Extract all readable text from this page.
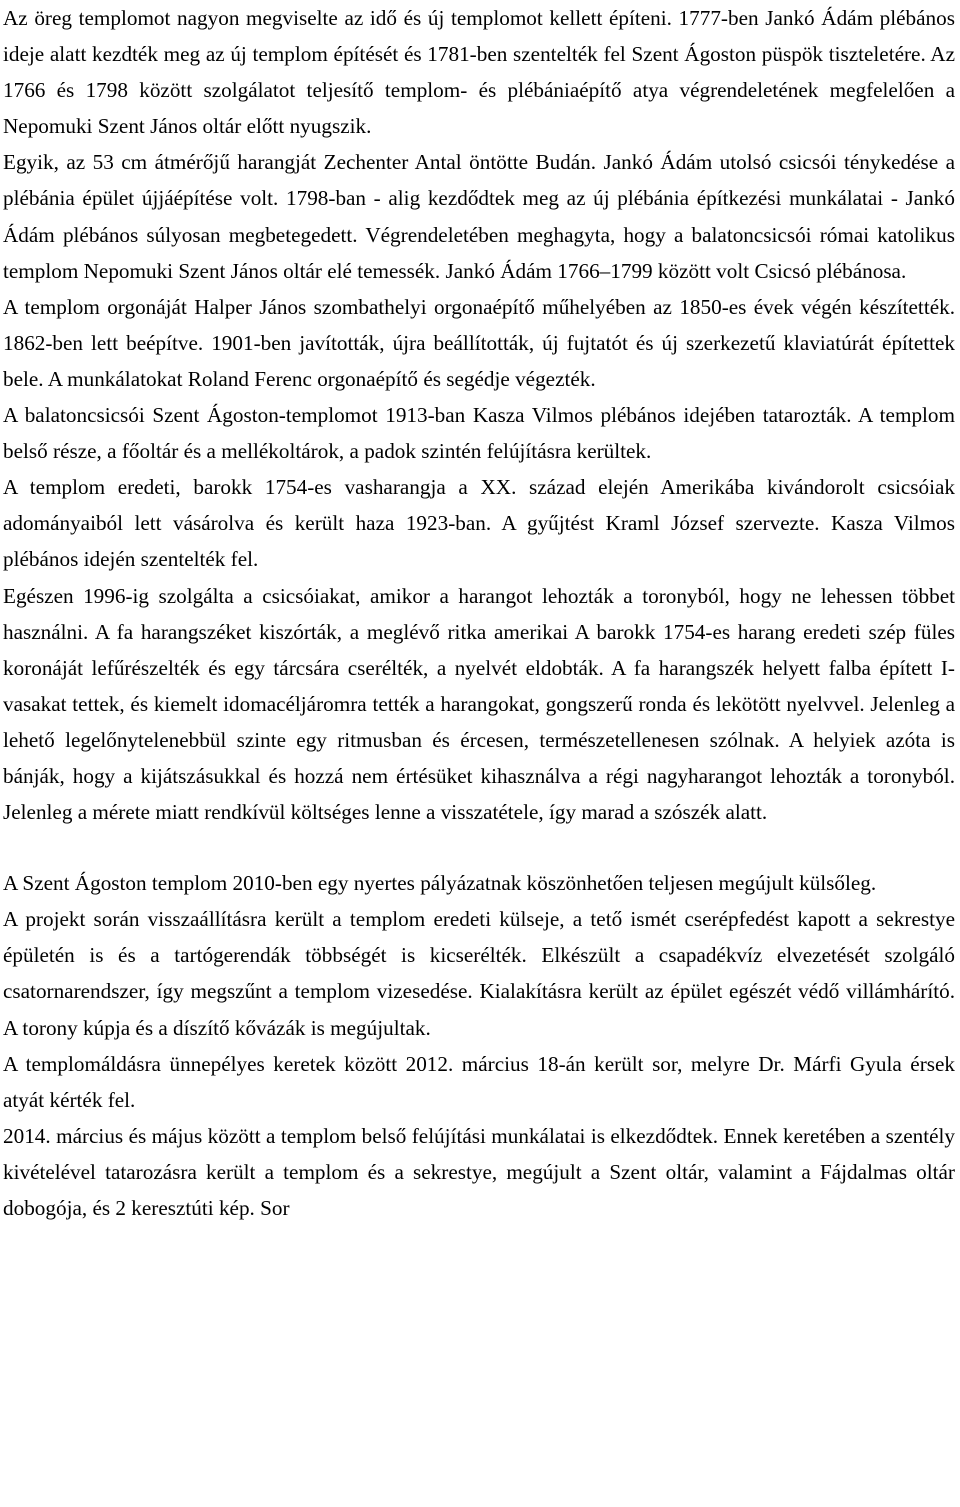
Az öreg templomot nagyon megviselte az idő és új templomot kellett építeni. 1777-ben Jankó Ádám plébános ideje alatt kezdték meg az új templom építését és 1781-ben szentelték fel Szent Ágoston püspök tiszteletére. Az 1766 és 1798 között szolgálatot teljesítő templom- és plébániaépítő atya végrendeletének megfelelően a Nepomuki Szent János oltár előtt nyugszik.

Egyik, az 53 cm átmérőjű harangját Zechenter Antal öntötte Budán. Jankó Ádám utolsó csicsói ténykedése a plébánia épület újjáépítése volt. 1798-ban - alig kezdődtek meg az új plébánia építkezési munkálatai - Jankó Ádám plébános súlyosan megbetegedett. Végrendeletében meghagyta, hogy a balatoncsicsói római katolikus templom Nepomuki Szent János oltár elé temessék. Jankó Ádám 1766–1799 között volt Csicsó plébánosa.

A templom orgonáját Halper János szombathelyi orgonaépítő műhelyében az 1850-es évek végén készítették. 1862-ben lett beépítve. 1901-ben javították, újra beállították, új fujtatót és új szerkezetű klaviatúrát építettek bele. A munkálatokat Roland Ferenc orgonaépítő és segédje végezték.

A balatoncsicsói Szent Ágoston-templomot 1913-ban Kasza Vilmos plébános idejében tatarozták. A templom belső része, a főoltár és a mellékoltárok, a padok szintén felújításra kerültek.

A templom eredeti, barokk 1754-es vasharangja a XX. század elején Amerikába kivándorolt csicsóiak adományaiból lett vásárolva és került haza 1923-ban. A gyűjtést Kraml József szervezte. Kasza Vilmos plébános idején szentelték fel.

Egészen 1996-ig szolgálta a csicsóiakat, amikor a harangot lehozták a toronyból, hogy ne lehessen többet használni. A fa harangszéket kiszórták, a meglévő ritka amerikai A barokk 1754-es harang eredeti szép füles koronáját lefűrészelték és egy tárcsára cserélték, a nyelvét eldobták. A fa harangszék helyett falba épített I-vasakat tettek, és kiemelt idomacéljáromra tették a harangokat, gongszerű ronda és lekötött nyelvvel. Jelenleg a lehető legelőnytelenebbül szinte egy ritmusban és ércesen, természetellenesen szólnak. A helyiek azóta is bánják, hogy a kijátszásukkal és hozzá nem értésüket kihasználva a régi nagyharangot lehozták a toronyból. Jelenleg a mérete miatt rendkívül költséges lenne a visszatétele, így marad a szószék alatt.

A Szent Ágoston templom 2010-ben egy nyertes pályázatnak köszönhetően teljesen megújult külsőleg.

A projekt során visszaállításra került a templom eredeti külseje, a tető ismét cserépfedést kapott a sekrestye épületén is és a tartógerendák többségét is kicserélték. Elkészült a csapadékvíz elvezetését szolgáló csatornarendszer, így megszűnt a templom vizesedése. Kialakításra került az épület egészét védő villámhárító. A torony kúpja és a díszítő kővázák is megújultak.

A templomáldásra ünnepélyes keretek között 2012. március 18-án került sor, melyre Dr. Márfi Gyula érsek atyát kérték fel.

2014. március és május között a templom belső felújítási munkálatai is elkezdődtek. Ennek keretében a szentély kivételével tatarozásra került a templom és a sekrestye, megújult a Szent oltár, valamint a Fájdalmas oltár dobogója, és 2 keresztúti kép. Sor
